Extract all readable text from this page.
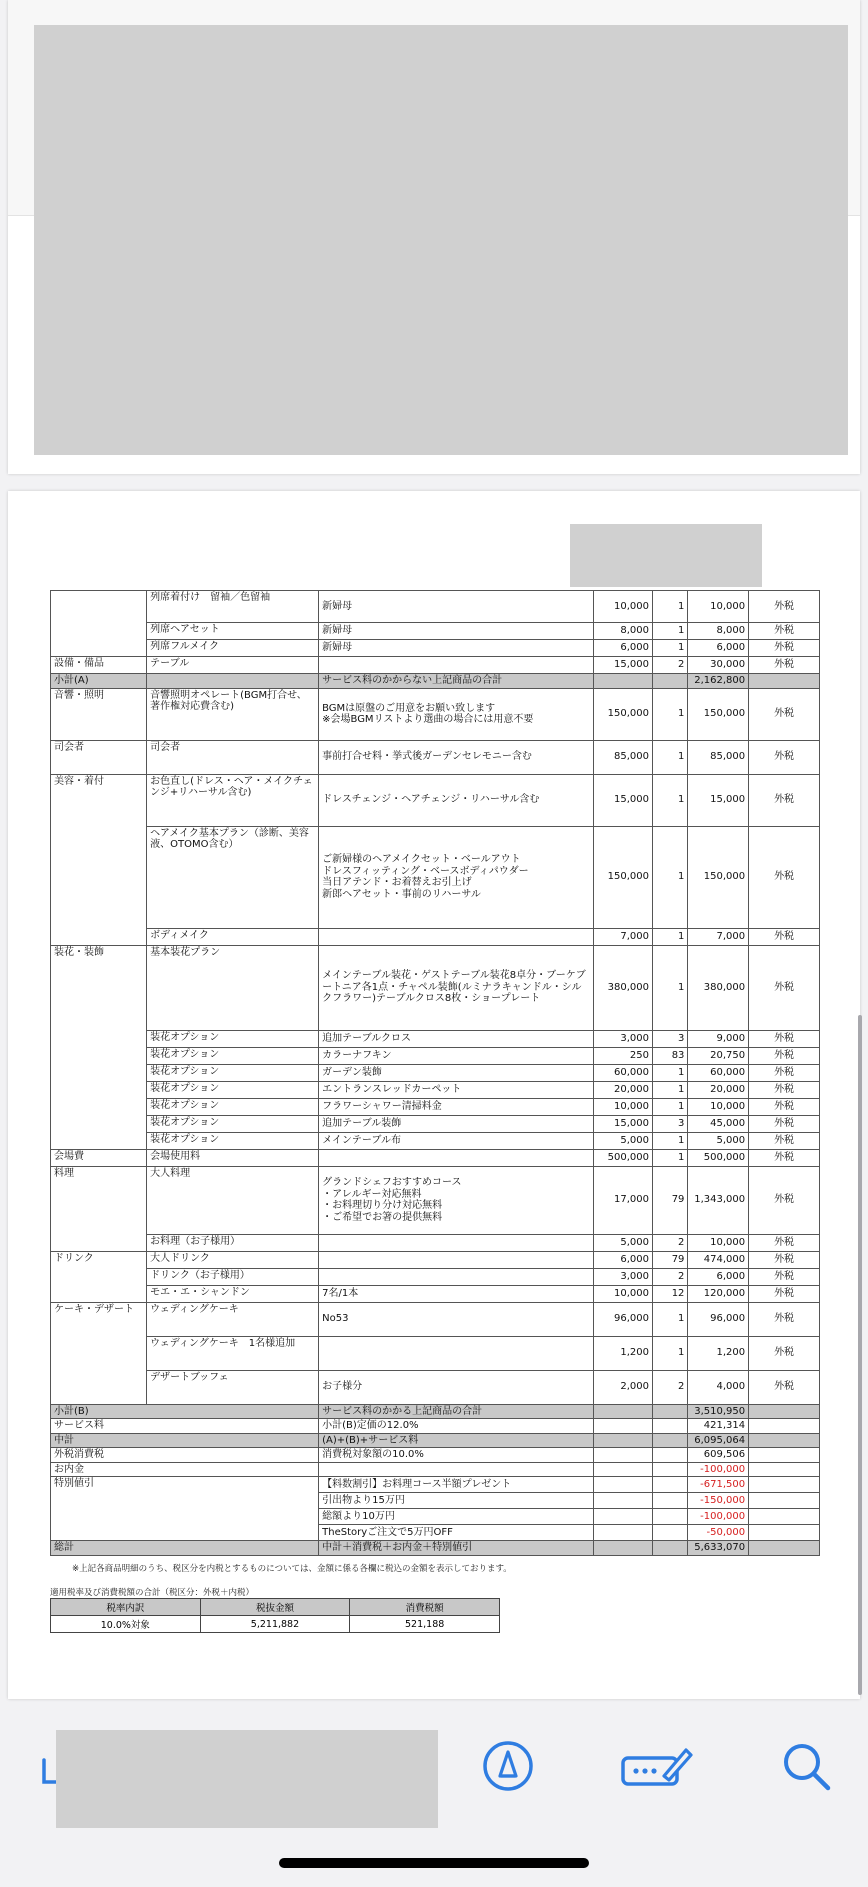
	列席着付け　留袖／色留袖	新婦母	10,000	1	10,000	外税
	列席ヘアセット	新婦母	8,000	1	8,000	外税
	列席フルメイク	新婦母	6,000	1	6,000	外税
設備・備品	テーブル		15,000	2	30,000	外税
小計(A)		サービス料のかからない上記商品の合計			2,162,800	
音響・照明	音響照明オペレート(BGM打合せ、著作権対応費含む)	BGMは原盤のご用意をお願い致します
※会場BGMリストより選曲の場合には用意不要	150,000	1	150,000	外税
司会者	司会者	事前打合せ料・挙式後ガーデンセレモニー含む	85,000	1	85,000	外税
美容・着付	お色直し(ドレス・ヘア・メイクチェンジ+リハーサル含む)	ドレスチェンジ・ヘアチェンジ・リハーサル含む	15,000	1	15,000	外税
	ヘアメイク基本プラン（診断、美容液、OTOMO含む）	ご新婦様のヘアメイクセット・ベールアウト
ドレスフィッティング・ベースボディパウダー
当日アテンド・お着替えお引上げ
新郎ヘアセット・事前のリハーサル	150,000	1	150,000	外税
	ボディメイク		7,000	1	7,000	外税
装花・装飾	基本装花プラン	メインテーブル装花・ゲストテーブル装花8卓分・ブーケブートニア各1点・チャペル装飾(ルミナラキャンドル・シルクフラワー)テーブルクロス8枚・ショープレート	380,000	1	380,000	外税
	装花オプション	追加テーブルクロス	3,000	3	9,000	外税
	装花オプション	カラーナフキン	250	83	20,750	外税
	装花オプション	ガーデン装飾	60,000	1	60,000	外税
	装花オプション	エントランスレッドカーペット	20,000	1	20,000	外税
	装花オプション	フラワーシャワー清掃料金	10,000	1	10,000	外税
	装花オプション	追加テーブル装飾	15,000	3	45,000	外税
	装花オプション	メインテーブル布	5,000	1	5,000	外税
会場費	会場使用料		500,000	1	500,000	外税
料理	大人料理	グランドシェフおすすめコース
・アレルギー対応無料
・お料理切り分け対応無料
・ご希望でお箸の提供無料	17,000	79	1,343,000	外税
	お料理（お子様用）		5,000	2	10,000	外税
ドリンク	大人ドリンク		6,000	79	474,000	外税
	ドリンク（お子様用）		3,000	2	6,000	外税
	モエ・エ・シャンドン	7名/1本	10,000	12	120,000	外税
ケーキ・デザート	ウェディングケーキ	No53	96,000	1	96,000	外税
	ウェディングケーキ　1名様追加		1,200	1	1,200	外税
	デザートブッフェ	お子様分	2,000	2	4,000	外税
小計(B)		サービス料のかかる上記商品の合計			3,510,950	
サービス料		小計(B)定価の12.0%			421,314	
中計		(A)+(B)+サービス料			6,095,064	
外税消費税		消費税対象額の10.0%			609,506	
お内金					-100,000	
特別値引		【料数割引】お料理コース半額プレゼント			-671,500	
		引出物より15万円			-150,000	
		総額より10万円			-100,000	
		TheStoryご注文で5万円OFF			-50,000	
総計		中計＋消費税＋お内金＋特別値引			5,633,070	
※上記各商品明細のうち、税区分を内税とするものについては、金額に係る各欄に税込の金額を表示しております。
適用税率及び消費税額の合計（税区分：外税＋内税）
税率内訳	税抜金額	消費税額
10.0%対象	5,211,882	521,188
